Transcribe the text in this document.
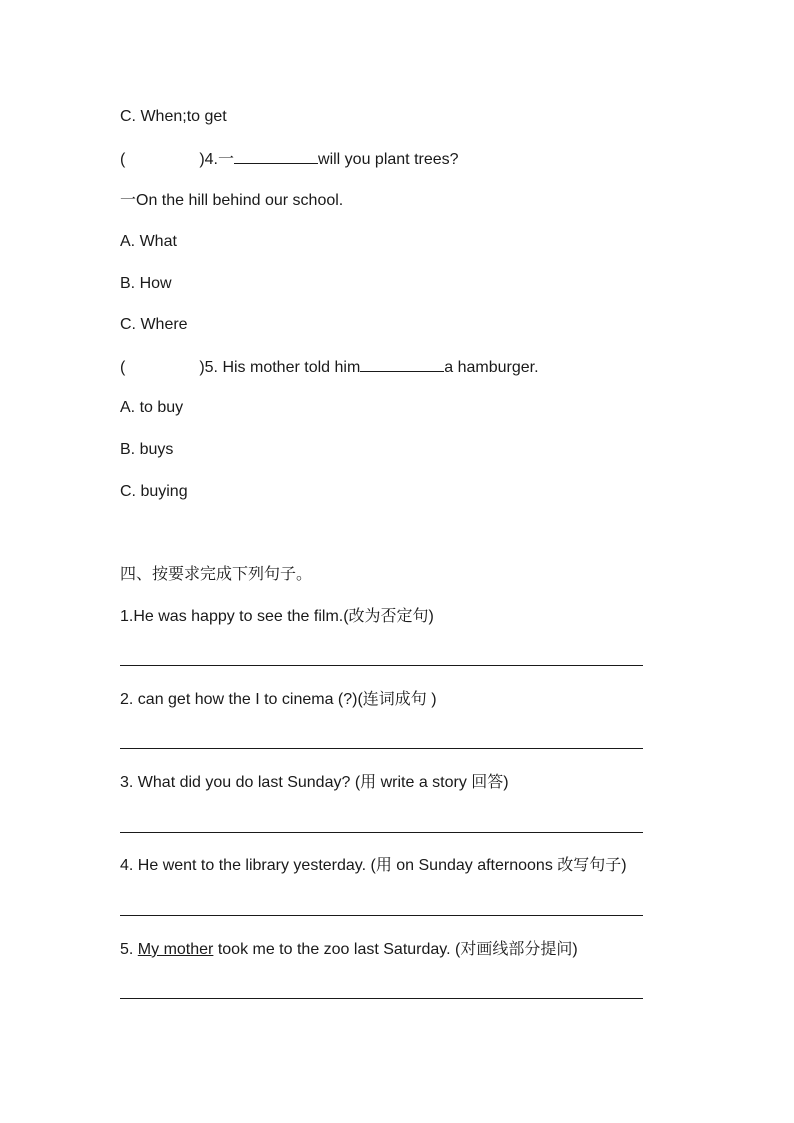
C. When;to get
(	)4.一	will you plant trees?
一On the hill behind our school.
A. What
B. How
C. Where
(	)5. His mother told him	a hamburger.
A. to buy
B. buys
C. buying
四、按要求完成下列句子。
1.He was happy to see the film.(改为否定句)
2. can get how the I to cinema (?)(连词成句 )
3. What did you do last Sunday? (用 write a story 回答)
4. He went to the library yesterday. (用 on Sunday afternoons 改写句子)
5. My mother took me to the zoo last Saturday. (对画线部分提问)
